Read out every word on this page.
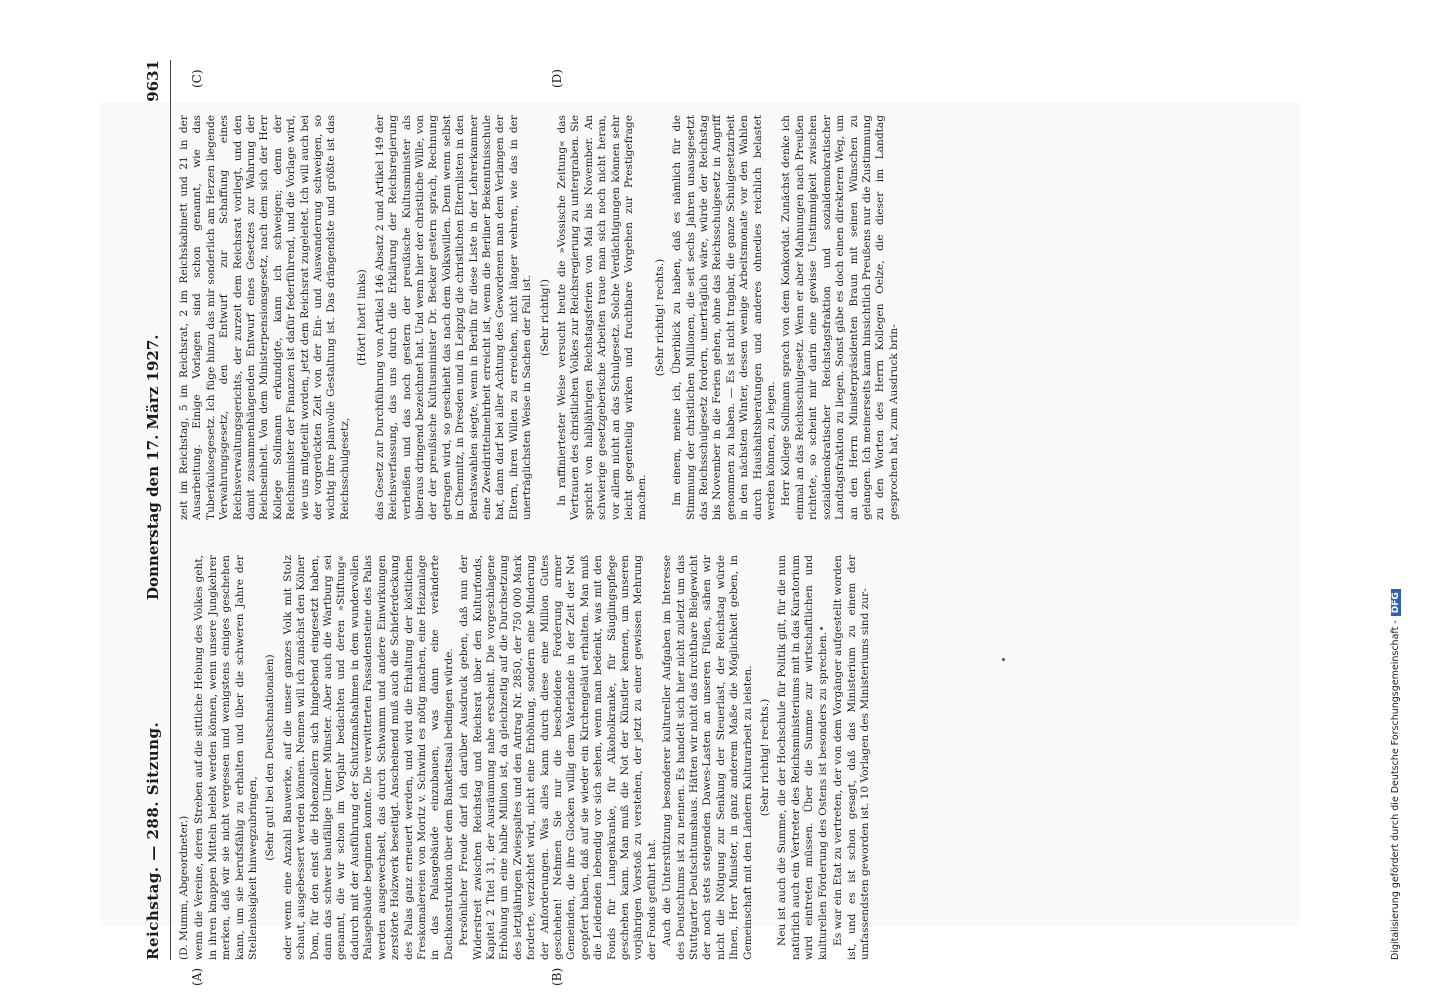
Reichstag. — 288. Sitzung.
Donnerstag den 17. März 1927.
9631
(A)	(B)
(C)	(D)

(D. Mumm, Abgeordneter.) wenn die Vereine, deren Streben auf die sittliche Hebung des Volkes geht, in ihren knappen Mitteln belebt werden können, wenn unsere Jungkehrer merken, daß wir sie nicht vergessen und wenigstens einiges geschehen kann, um sie berufsfähig zu erhalten und über die schweren Jahre der Stellenlosigkeit hinwegzubringen,

(Sehr gut! bei den Deutschnationalen) oder wenn eine Anzahl Bauwerke, auf die unser ganzes Volk mit Stolz schaut, ausgebessert werden können. Nennen will ich zunächst den Kölner Dom, für den einst die Hohenzollern sich hingebend eingesetzt haben, dann das schwer baufällige Ulmer Münster. Aber auch die Wartburg sei genannt, die wir schon im Vorjahr bedachten und deren »Stiftung« dadurch mit der Ausführung der Schutzmaßnahmen in dem wundervollen Palasgebäude beginnen konnte. Die verwitterten Fassadensteine des Palas werden ausgewechselt, das durch Schwamm und andere Einwirkungen zerstörte Holzwerk beseitigt. Anscheinend muß auch die Schieferdeckung des Palas ganz erneuert werden, und wird die Erhaltung der köstlichen Freskomalereien von Moritz v. Schwind es nötig machen, eine Heizanlage in das Palasgebäude einzubauen, was dann eine veränderte Dachkonstruktion über dem Bankettsaal bedingen würde. Persönlicher Freude darf ich darüber Ausdruck geben, daß nun der Widerstreit zwischen Reichstag und Reichsrat über den Kulturfonds, Kapitel 2 Titel 31, der Ausräumung nahe erscheint. Die vorgeschlagene Erhöhung um eine halbe Million ist, da gleichzeitig auf die Durchsetzung des letztjährigen Zwiespaltes und den Antrag Nr. 2850, der 750 000 Mark forderte, verzichtet wird, nicht eine Erhöhung, sondern eine Minderung der Anforderungen. Was alles kann durch diese eine Million Gutes geschehen! Nehmen Sie nur die bescheidene Forderung armer Gemeinden, die ihre Glocken willig dem Vaterlande in der Zeit der Not geopfert haben, daß auf sie wieder ein Kirchengeläut erhalten. Man muß die Leidenden lebendig vor sich sehen, wenn man bedenkt, was mit den Fonds für Lungenkranke, für Alkoholkranke, für Säuglingspflege geschehen kann. Man muß die Not der Künstler kennen, um unseren vorjährigen Vorstoß zu verstehen, der jetzt zu einer gewissen Mehrung der Fonds geführt hat. Auch die Unterstützung besonderer kultureller Aufgaben im Interesse des Deutschtums ist zu nennen. Es handelt sich hier nicht zuletzt um das Stuttgarter Deutschtumshaus. Hätten wir nicht das furchtbare Bleigewicht der noch stets steigenden Dawes-Lasten an unseren Füßen, sähen wir nicht die Nötigung zur Senkung der Steuerlast, der Reichstag würde Ihnen, Herr Minister, in ganz anderem Maße die Möglichkeit geben, in Gemeinschaft mit den Ländern Kulturarbeit zu leisten. (Sehr richtig! rechts.) Neu ist auch die Summe, die der Hochschule für Politik gilt, für die nun natürlich auch ein Vertreter des Reichsministeriums mit in das Kuratorium wird eintreten müssen. Über die Summe zur wirtschaftlichen und kulturellen Förderung des Ostens ist besonders zu sprechen. Es war ein Etat zu vertreten, der von dem Vorgänger aufgestellt worden ist, und es ist schon gesagt, daß das Ministerium zu einem der umfassendsten geworden ist. 10 Vorlagen des Ministeriums sind zur-

zeit im Reichstag, 5 im Reichsrat, 2 im Reichskabinett und 21 in der Ausarbeitung. Einige Vorlagen sind schon genannt, wie das Tuberkulosegesetz. Ich füge hinzu das mir sonderlich am Herzen liegende Verwahrungsgesetz, den Entwurf zur Schaffung eines Reichsverwaltungsgerichts, der zurzeit dem Reichsrat vorliegt, und den damit zusammenhängenden Entwurf eines Gesetzes zur Wahrung der Reichseinheit. Von dem Ministerpensionsgesetz, nach dem sich der Herr Kollege Sollmann erkundigte, kann ich schweigen; denn der Reichsminister der Finanzen ist dafür federführend, und die Vorlage wird, wie uns mitgeteilt worden, jetzt dem Reichsrat zugeleitet. Ich will auch bei der vorgerückten Zeit von der Ein- und Auswanderung schweigen, so wichtig ihre planvolle Gestaltung ist. Das drängendste und größte ist das Reichsschulgesetz,

(Hört! hört! links) das Gesetz zur Durchführung von Artikel 146 Absatz 2 und Artikel 149 der Reichsverfassung, das uns durch die Erklärung der Reichsregierung verheißen und das noch gestern der preußische Kultusminister als überaus dringend bezeichnet hat. Und wenn hier der christliche Wille, von der der preußische Kultusminister Dr. Becker gestern sprach, Rechnung getragen wird, so geschieht das nach dem Volkswillen. Denn wenn selbst in Chemnitz, in Dresden und in Leipzig die christlichen Elternlisten in den Beiratswahlen siegte, wenn in Berlin für diese Liste in der Lehrerkammer eine Zweidrittelmehrheit erreicht ist, wenn die Berliner Bekenntnisschule hat, dann darf bei aller Achtung des Gewordenen man dem Verlangen der Eltern, ihren Willen zu erreichen, nicht länger wehren, wie das in der unerträglichsten Weise in Sachen der Fall ist. (Sehr richtig!) In raffiniertester Weise versucht heute die »Vossische Zeitung« das Vertrauen des christlichen Volkes zur Reichsregierung zu untergraben. Sie spricht von halbjährigen Reichstagsferien von Mai bis November. An schwierige gesetzgeberische Arbeiten traue man sich noch nicht heran, vor allem nicht an das Schulgesetz. Solche Verdächtigungen können sehr leicht gegenteilig wirken und fruchtbare Vorgehen zur Prestigefrage machen.

(Sehr richtig! rechts.) Im einem, meine ich, Überblick zu haben, daß es nämlich für die Stimmung der christlichen Millionen, die seit sechs Jahren unausgesetzt das Reichsschulgesetz fordern, unerträglich wäre, würde der Reichstag bis November in die Ferien gehen, ohne das Reichsschulgesetz in Angriff genommen zu haben. — Es ist nicht tragbar, die ganze Schulgesetzarbeit in den nächsten Winter, dessen wenige Arbeitsmonate vor den Wahlen durch Haushaltsberatungen und anderes ohnedies reichlich belastet werden können, zu legen. Herr Kollege Sollmann sprach von dem Konkordat. Zunächst denke ich einmal an das Reichsschulgesetz. Wenn er aber Mahnungen nach Preußen richtete, so scheint mir darin eine gewisse Unstimmigkeit zwischen sozialdemokratischer Reichstagsfraktion und sozialdemokratischer Landtagsfraktion zu liegen. Sonst gäbe es doch einen direkteren Weg, um an den Herrn Ministerpräsidenten Braun mit seinen Wünschen zu gelangen. Ich meinerseits kann hinsichtlich Preußens nur die Zustimmung zu den Worten des Herrn Kollegen Oelze, die dieser im Landtag gesprochen hat, zum Ausdruck brin-

Digitalisierung gefördert durch die Deutsche Forschungsgemeinschaft -DFG
